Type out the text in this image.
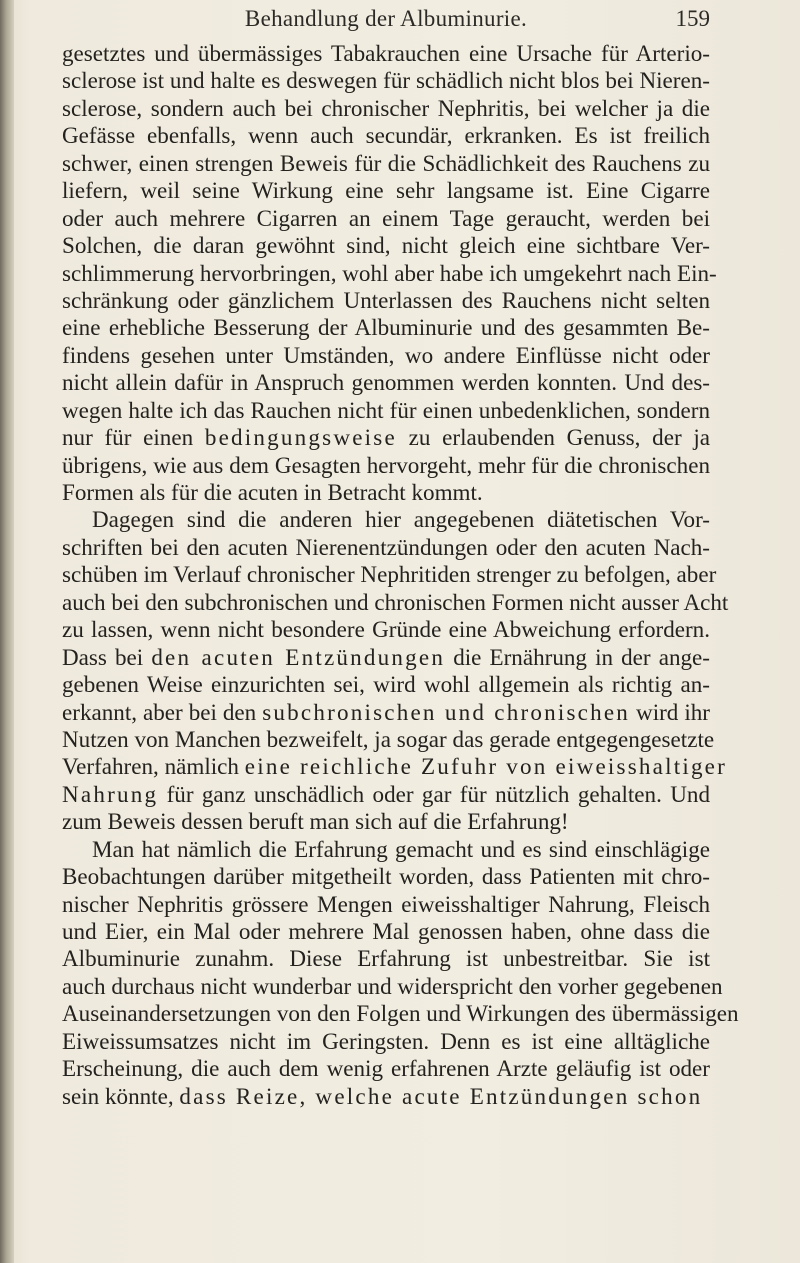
Behandlung der Albuminurie.	159
gesetztes und übermässiges Tabakrauchen eine Ursache für Arterio-
sclerose ist und halte es deswegen für schädlich nicht blos bei Nieren-
sclerose, sondern auch bei chronischer Nephritis, bei welcher ja die
Gefässe ebenfalls, wenn auch secundär, erkranken. Es ist freilich
schwer, einen strengen Beweis für die Schädlichkeit des Rauchens zu
liefern, weil seine Wirkung eine sehr langsame ist. Eine Cigarre
oder auch mehrere Cigarren an einem Tage geraucht, werden bei
Solchen, die daran gewöhnt sind, nicht gleich eine sichtbare Ver-
schlimmerung hervorbringen, wohl aber habe ich umgekehrt nach Ein-
schränkung oder gänzlichem Unterlassen des Rauchens nicht selten
eine erhebliche Besserung der Albuminurie und des gesammten Be-
findens gesehen unter Umständen, wo andere Einflüsse nicht oder
nicht allein dafür in Anspruch genommen werden konnten. Und des-
wegen halte ich das Rauchen nicht für einen unbedenklichen, sondern
nur für einen bedingungsweise zu erlaubenden Genuss, der ja
übrigens, wie aus dem Gesagten hervorgeht, mehr für die chronischen
Formen als für die acuten in Betracht kommt.
Dagegen sind die anderen hier angegebenen diätetischen Vor-
schriften bei den acuten Nierenentzündungen oder den acuten Nach-
schüben im Verlauf chronischer Nephritiden strenger zu befolgen, aber
auch bei den subchronischen und chronischen Formen nicht ausser Acht
zu lassen, wenn nicht besondere Gründe eine Abweichung erfordern.
Dass bei den acuten Entzündungen die Ernährung in der ange-
gebenen Weise einzurichten sei, wird wohl allgemein als richtig an-
erkannt, aber bei den subchronischen und chronischen wird ihr
Nutzen von Manchen bezweifelt, ja sogar das gerade entgegengesetzte
Verfahren, nämlich eine reichliche Zufuhr von eiweisshaltiger
Nahrung für ganz unschädlich oder gar für nützlich gehalten. Und
zum Beweis dessen beruft man sich auf die Erfahrung!
Man hat nämlich die Erfahrung gemacht und es sind einschlägige
Beobachtungen darüber mitgetheilt worden, dass Patienten mit chro-
nischer Nephritis grössere Mengen eiweisshaltiger Nahrung, Fleisch
und Eier, ein Mal oder mehrere Mal genossen haben, ohne dass die
Albuminurie zunahm. Diese Erfahrung ist unbestreitbar. Sie ist
auch durchaus nicht wunderbar und widerspricht den vorher gegebenen
Auseinandersetzungen von den Folgen und Wirkungen des übermässigen
Eiweissumsatzes nicht im Geringsten. Denn es ist eine alltägliche
Erscheinung, die auch dem wenig erfahrenen Arzte geläufig ist oder
sein könnte, dass Reize, welche acute Entzündungen schon
